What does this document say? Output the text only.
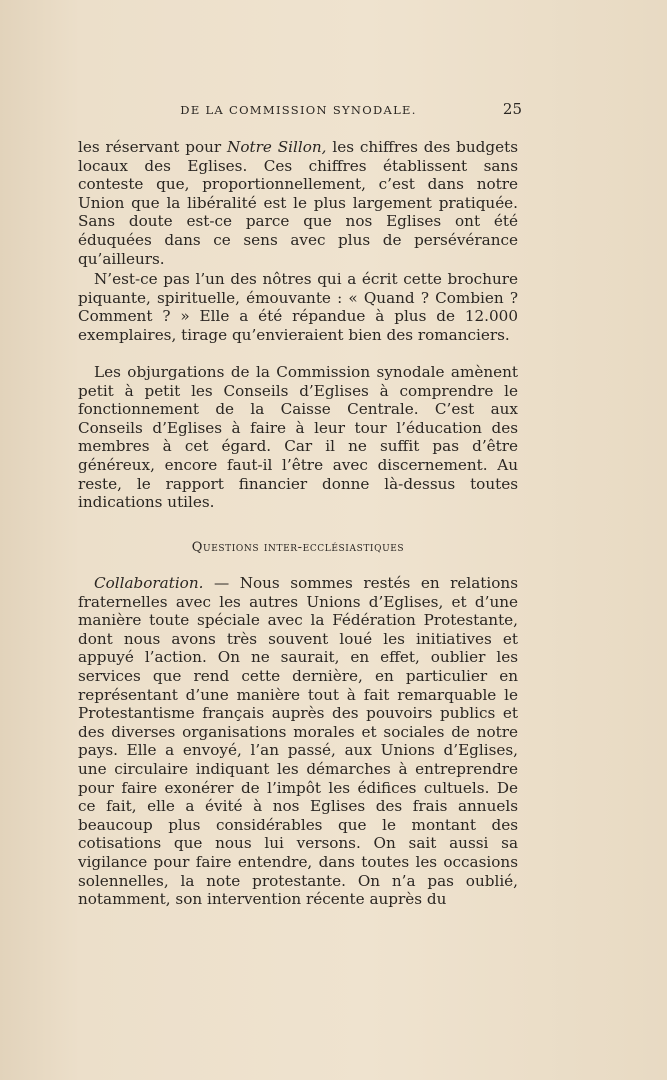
DE LA COMMISSION SYNODALE.	25

les réservant pour Notre Sillon, les chiffres des budgets locaux des Eglises. Ces chiffres établissent sans conteste que, proportionnellement, c’est dans notre Union que la libéralité est le plus largement pratiquée. Sans doute est-ce parce que nos Eglises ont été éduquées dans ce sens avec plus de persévérance qu’ailleurs.

N’est-ce pas l’un des nôtres qui a écrit cette brochure piquante, spirituelle, émouvante : « Quand ? Combien ? Comment ? » Elle a été répandue à plus de 12.000 exemplaires, tirage qu’envieraient bien des romanciers.

Les objurgations de la Commission synodale amènent petit à petit les Conseils d’Eglises à comprendre le fonctionnement de la Caisse Centrale. C’est aux Conseils d’Eglises à faire à leur tour l’éducation des membres à cet égard. Car il ne suffit pas d’être généreux, encore faut-il l’être avec discernement. Au reste, le rapport financier donne là-dessus toutes indications utiles.

Questions inter-ecclésiastiques

Collaboration. — Nous sommes restés en relations fraternelles avec les autres Unions d’Eglises, et d’une manière toute spéciale avec la Fédération Protestante, dont nous avons très souvent loué les initiatives et appuyé l’action. On ne saurait, en effet, oublier les services que rend cette dernière, en particulier en représentant d’une manière tout à fait remarquable le Protestantisme français auprès des pouvoirs publics et des diverses organisations morales et sociales de notre pays. Elle a envoyé, l’an passé, aux Unions d’Eglises, une circulaire indiquant les démarches à entreprendre pour faire exonérer de l’impôt les édifices cultuels. De ce fait, elle a évité à nos Eglises des frais annuels beaucoup plus considérables que le montant des cotisations que nous lui versons. On sait aussi sa vigilance pour faire entendre, dans toutes les occasions solennelles, la note protestante. On n’a pas oublié, notamment, son intervention récente auprès du
